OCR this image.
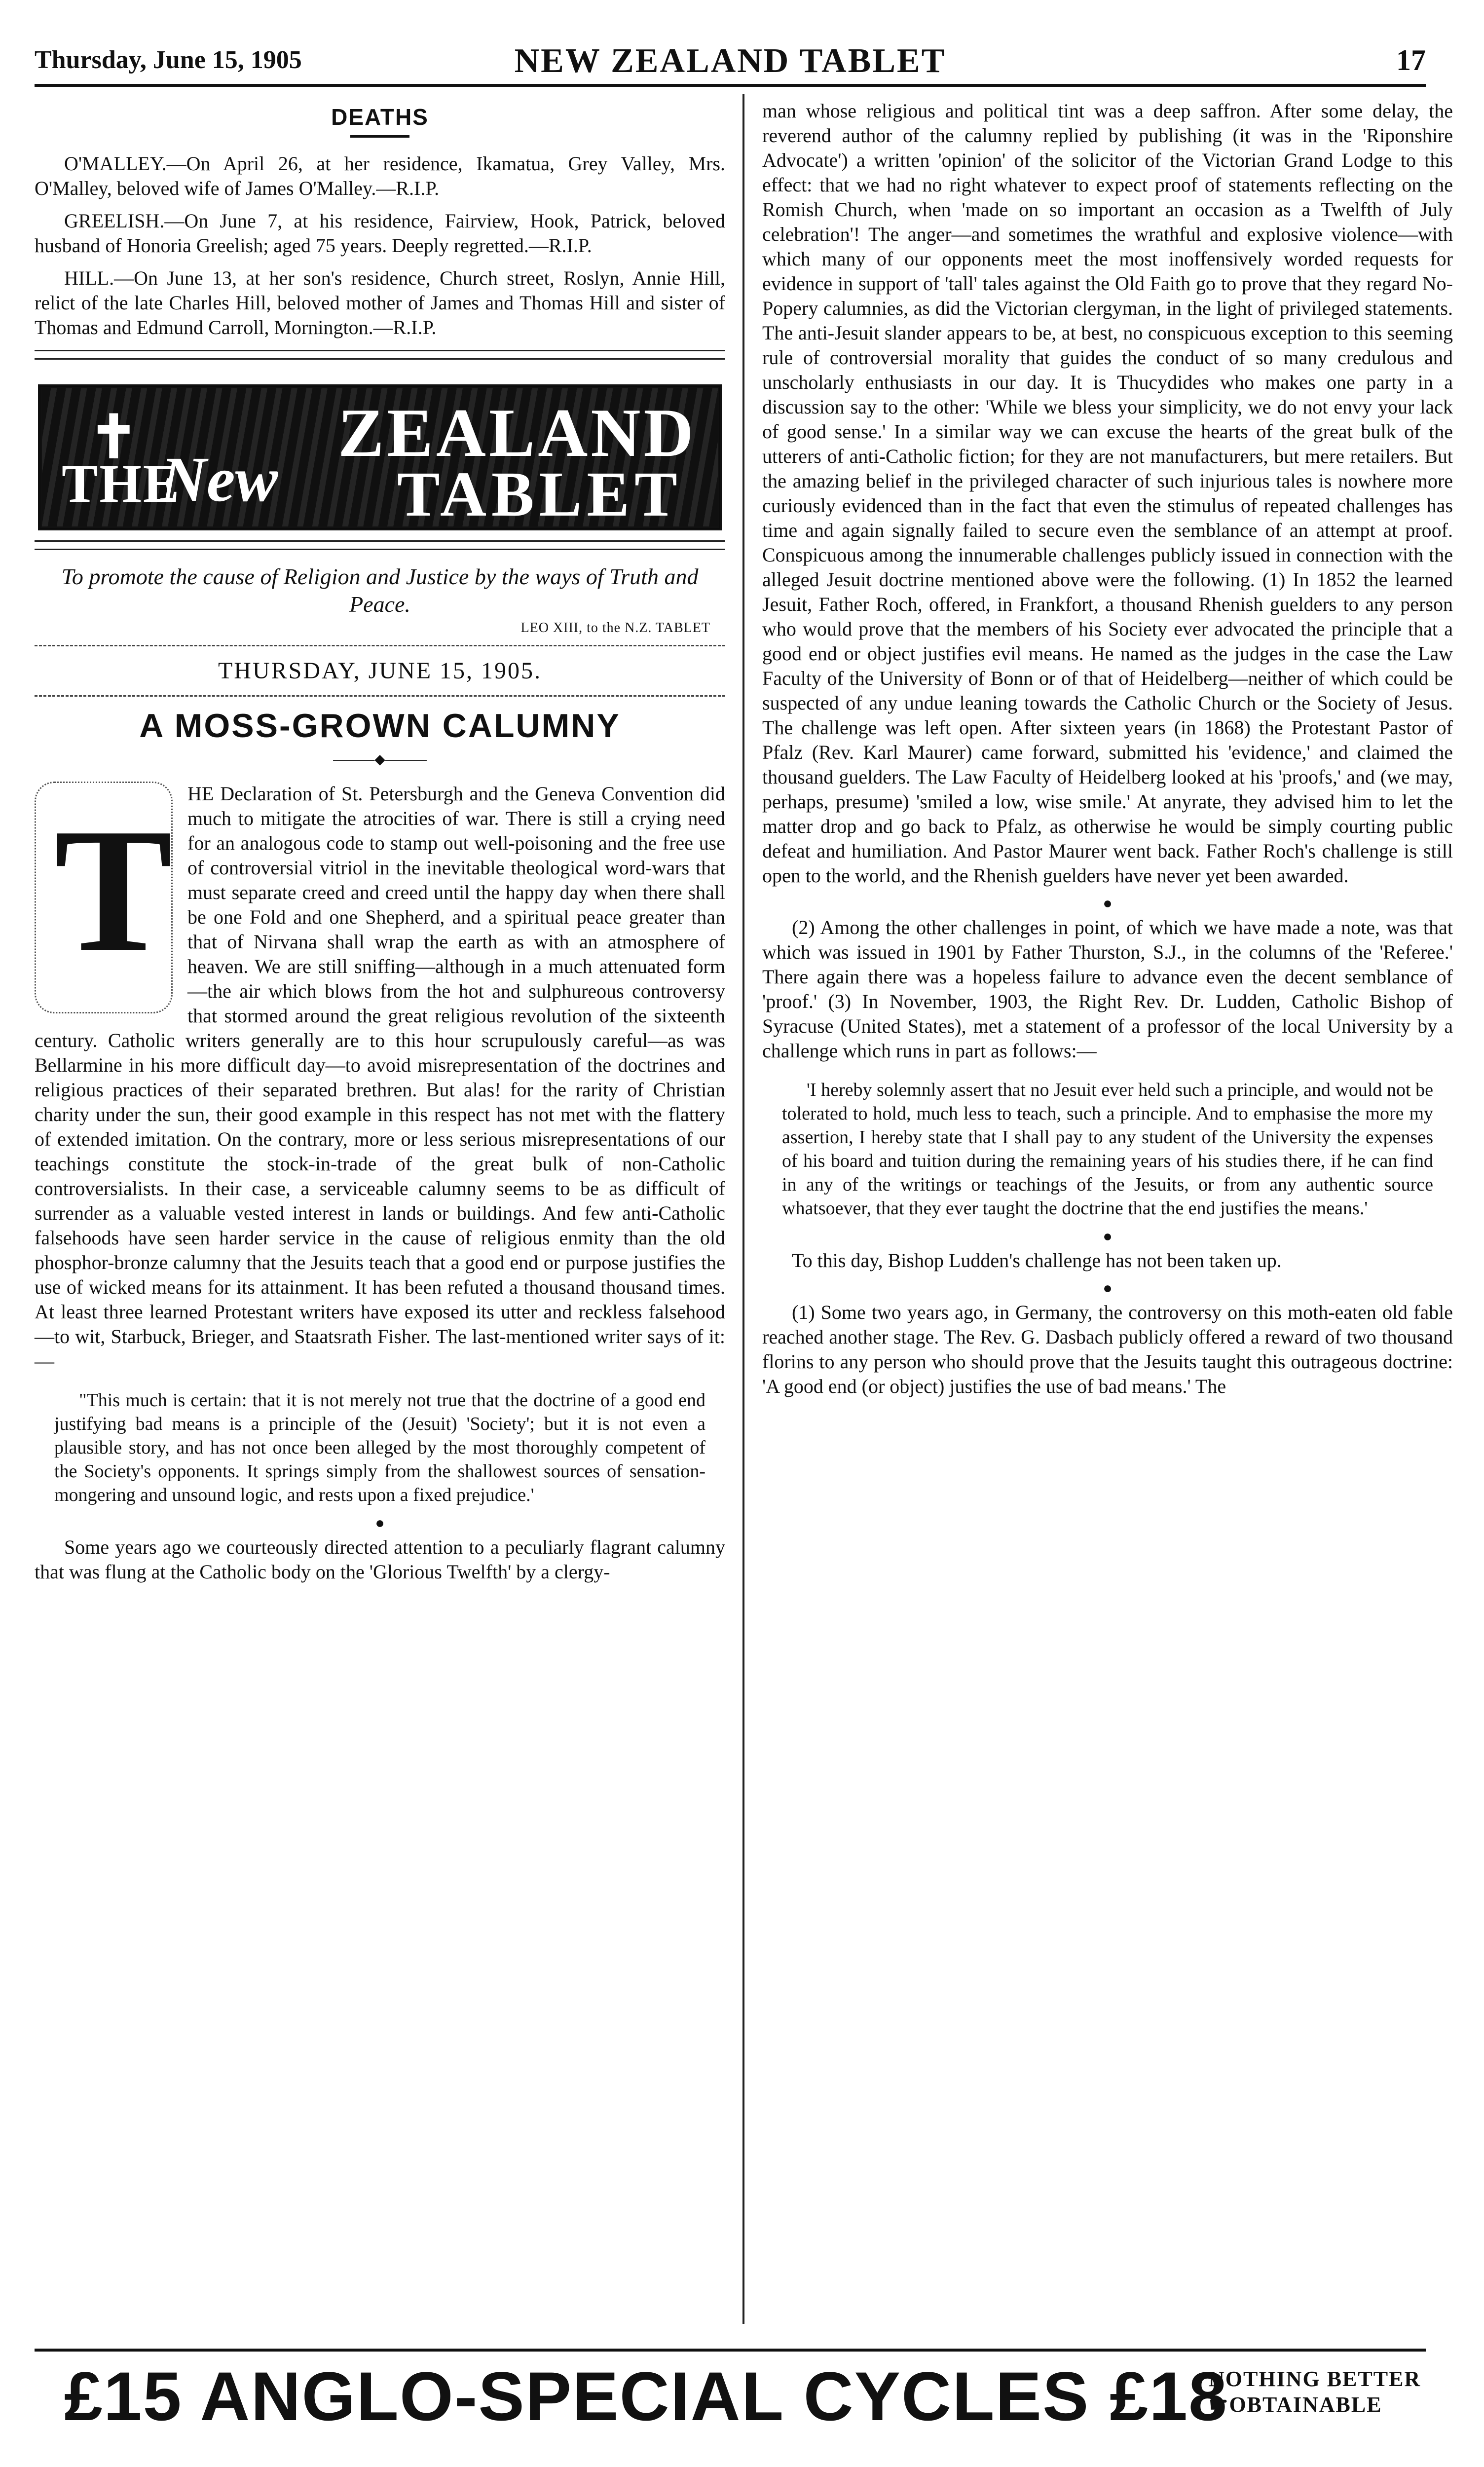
Thursday, June 15, 1905	NEW ZEALAND TABLET	17
DEATHS

O'MALLEY.—On April 26, at her residence, Ikamatua, Grey Valley, Mrs. O'Malley, beloved wife of James O'Malley.—R.I.P.

GREELISH.—On June 7, at his residence, Fairview, Hook, Patrick, beloved husband of Honoria Greelish; aged 75 years. Deeply regretted.—R.I.P.

HILL.—On June 13, at her son's residence, Church street, Roslyn, Annie Hill, relict of the late Charles Hill, beloved mother of James and Thomas Hill and sister of Thomas and Edmund Carroll, Mornington.—R.I.P.

✝
THE
New
ZEALAND
TABLET
To promote the cause of Religion and Justice by the ways of Truth and Peace.
LEO XIII, to the N.Z. TABLET
THURSDAY, JUNE 15, 1905.
A MOSS-GROWN CALUMNY
———◆———
T HE Declaration of St. Petersburgh and the Geneva Convention did much to mitigate the atrocities of war. There is still a crying need for an analogous code to stamp out well-poisoning and the free use of controversial vitriol in the inevitable theological word-wars that must separate creed and creed until the happy day when there shall be one Fold and one Shepherd, and a spiritual peace greater than that of Nirvana shall wrap the earth as with an atmosphere of heaven. We are still sniffing—although in a much attenuated form—the air which blows from the hot and sulphureous controversy that stormed around the great religious revolution of the sixteenth century. Catholic writers generally are to this hour scrupulously careful—as was Bellarmine in his more difficult day—to avoid misrepresentation of the doctrines and religious practices of their separated brethren. But alas! for the rarity of Christian charity under the sun, their good example in this respect has not met with the flattery of extended imitation. On the contrary, more or less serious misrepresentations of our teachings constitute the stock-in-trade of the great bulk of non-Catholic controversialists. In their case, a serviceable calumny seems to be as difficult of surrender as a valuable vested interest in lands or buildings. And few anti-Catholic falsehoods have seen harder service in the cause of religious enmity than the old phosphor-bronze calumny that the Jesuits teach that a good end or purpose justifies the use of wicked means for its attainment. It has been refuted a thousand thousand times. At least three learned Protestant writers have exposed its utter and reckless falsehood—to wit, Starbuck, Brieger, and Staatsrath Fisher. The last-mentioned writer says of it:—

"This much is certain: that it is not merely not true that the doctrine of a good end justifying bad means is a principle of the (Jesuit) 'Society'; but it is not even a plausible story, and has not once been alleged by the most thoroughly competent of the Society's opponents. It springs simply from the shallowest sources of sensation-mongering and unsound logic, and rests upon a fixed prejudice.'

●

Some years ago we courteously directed attention to a peculiarly flagrant calumny that was flung at the Catholic body on the 'Glorious Twelfth' by a clergy-

man whose religious and political tint was a deep saffron. After some delay, the reverend author of the calumny replied by publishing (it was in the 'Riponshire Advocate') a written 'opinion' of the solicitor of the Victorian Grand Lodge to this effect: that we had no right whatever to expect proof of statements reflecting on the Romish Church, when 'made on so important an occasion as a Twelfth of July celebration'! The anger—and sometimes the wrathful and explosive violence—with which many of our opponents meet the most inoffensively worded requests for evidence in support of 'tall' tales against the Old Faith go to prove that they regard No-Popery calumnies, as did the Victorian clergyman, in the light of privileged statements. The anti-Jesuit slander appears to be, at best, no conspicuous exception to this seeming rule of controversial morality that guides the conduct of so many credulous and unscholarly enthusiasts in our day. It is Thucydides who makes one party in a discussion say to the other: 'While we bless your simplicity, we do not envy your lack of good sense.' In a similar way we can excuse the hearts of the great bulk of the utterers of anti-Catholic fiction; for they are not manufacturers, but mere retailers. But the amazing belief in the privileged character of such injurious tales is nowhere more curiously evidenced than in the fact that even the stimulus of repeated challenges has time and again signally failed to secure even the semblance of an attempt at proof. Conspicuous among the innumerable challenges publicly issued in connection with the alleged Jesuit doctrine mentioned above were the following. (1) In 1852 the learned Jesuit, Father Roch, offered, in Frankfort, a thousand Rhenish guelders to any person who would prove that the members of his Society ever advocated the principle that a good end or object justifies evil means. He named as the judges in the case the Law Faculty of the University of Bonn or of that of Heidelberg—neither of which could be suspected of any undue leaning towards the Catholic Church or the Society of Jesus. The challenge was left open. After sixteen years (in 1868) the Protestant Pastor of Pfalz (Rev. Karl Maurer) came forward, submitted his 'evidence,' and claimed the thousand guelders. The Law Faculty of Heidelberg looked at his 'proofs,' and (we may, perhaps, presume) 'smiled a low, wise smile.' At anyrate, they advised him to let the matter drop and go back to Pfalz, as otherwise he would be simply courting public defeat and humiliation. And Pastor Maurer went back. Father Roch's challenge is still open to the world, and the Rhenish guelders have never yet been awarded.

●

(2) Among the other challenges in point, of which we have made a note, was that which was issued in 1901 by Father Thurston, S.J., in the columns of the 'Referee.' There again there was a hopeless failure to advance even the decent semblance of 'proof.' (3) In November, 1903, the Right Rev. Dr. Ludden, Catholic Bishop of Syracuse (United States), met a statement of a professor of the local University by a challenge which runs in part as follows:—

'I hereby solemnly assert that no Jesuit ever held such a principle, and would not be tolerated to hold, much less to teach, such a principle. And to emphasise the more my assertion, I hereby state that I shall pay to any student of the University the expenses of his board and tuition during the remaining years of his studies there, if he can find in any of the writings or teachings of the Jesuits, or from any authentic source whatsoever, that they ever taught the doctrine that the end justifies the means.'

●

To this day, Bishop Ludden's challenge has not been taken up.

●

(1) Some two years ago, in Germany, the controversy on this moth-eaten old fable reached another stage. The Rev. G. Dasbach publicly offered a reward of two thousand florins to any person who should prove that the Jesuits taught this outrageous doctrine: 'A good end (or object) justifies the use of bad means.' The

£15 ANGLO-SPECIAL CYCLES £18
NOTHING BETTER
☛OBTAINABLE
